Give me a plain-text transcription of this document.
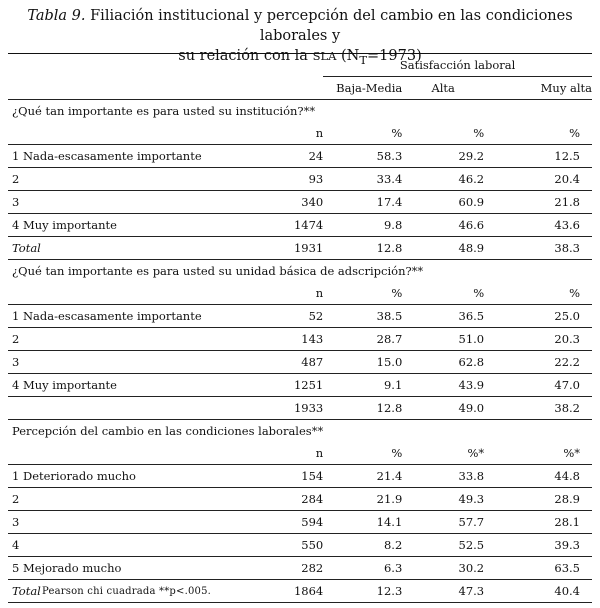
Tabla 9. Filiación institucional y percepción del cambio en las condiciones laborales y
su relación con la SLA $(N_T=1973)$
		Satisfacción laboral		
		Baja-Media	Alta	Muy alta
¿Qué tan importante es para usted su institución?**				
	n	%	%	%
1 Nada-escasamente importante	24	58.3	29.2	12.5
2	93	33.4	46.2	20.4
3	340	17.4	60.9	21.8
4 Muy importante	1474	9.8	46.6	43.6
Total	1931	12.8	48.9	38.3
¿Qué tan importante es para usted su unidad básica de adscripción?**				
	n	%	%	%
1 Nada-escasamente importante	52	38.5	36.5	25.0
2	143	28.7	51.0	20.3
3	487	15.0	62.8	22.2
4 Muy importante	1251	9.1	43.9	47.0
	1933	12.8	49.0	38.2
Percepción del cambio en las condiciones laborales**				
	n	%	%*	%*
1 Deteriorado mucho	154	21.4	33.8	44.8
2	284	21.9	49.3	28.9
3	594	14.1	57.7	28.1
4	550	8.2	52.5	39.3
5 Mejorado mucho	282	6.3	30.2	63.5
Total	1864	12.3	47.3	40.4
Pearson chi cuadrada **p<.005.
